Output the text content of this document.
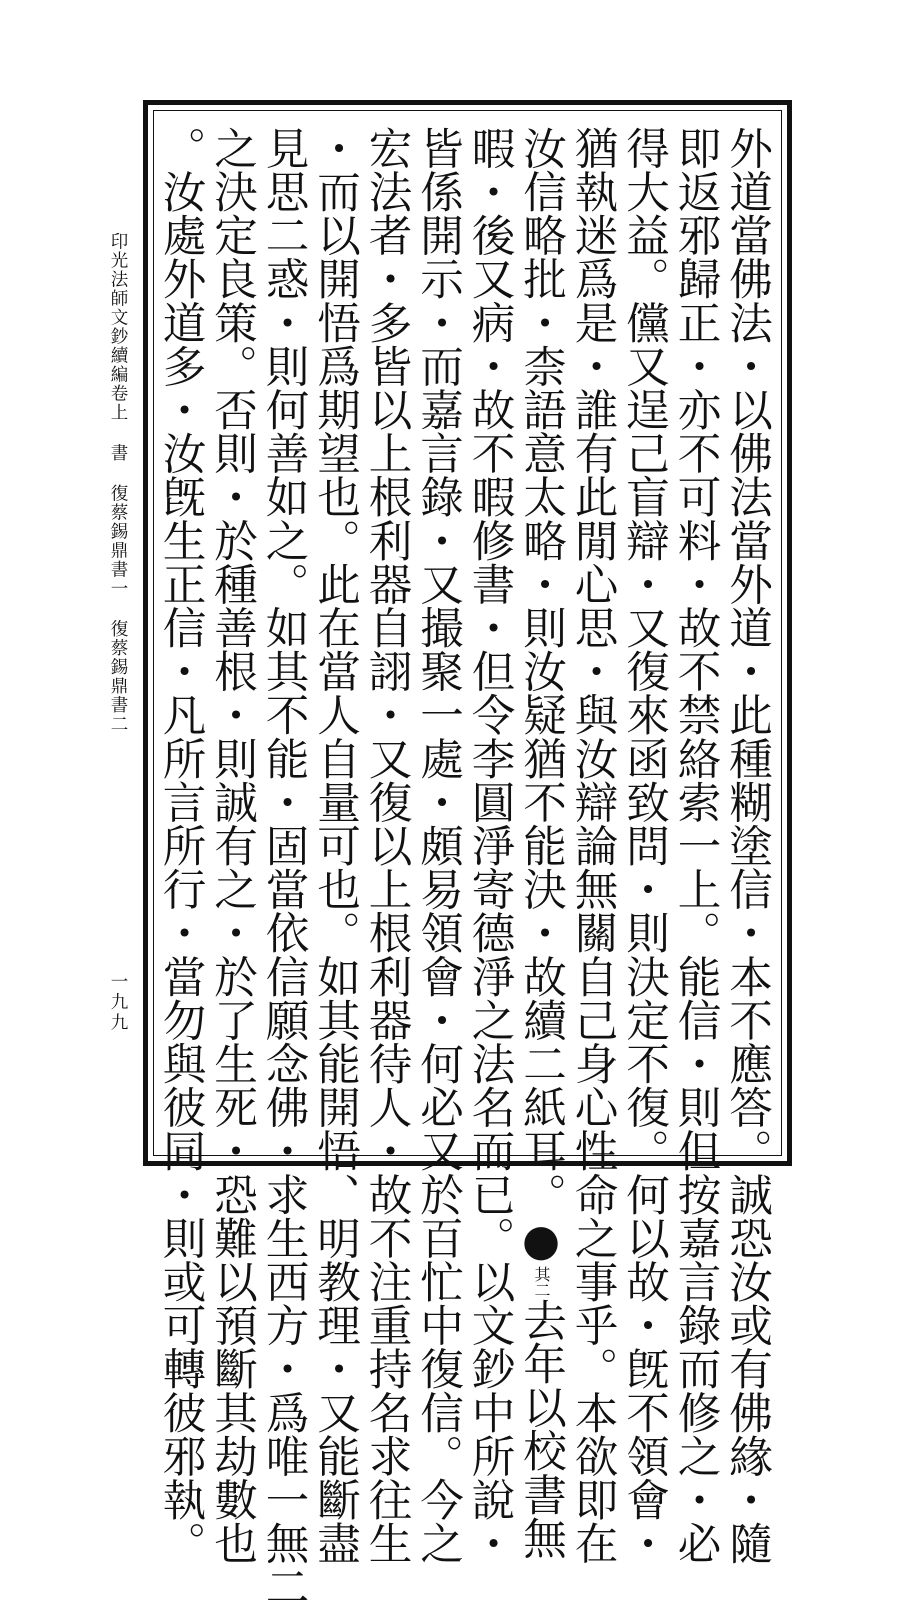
外道當佛法・以佛法當外道・此種糊塗信・本不應答。誠恐汝或有佛緣・隨
即返邪歸正・亦不可料・故不禁絡索一上。能信・則但按嘉言錄而修之・必
得大益。儻又逞己盲辯・又復來函致問・則決定不復。何以故・旣不領會・
猶執迷爲是・誰有此閒心思・與汝辯論無關自己身心性命之事乎。本欲即在
汝信略批・柰語意太略・則汝疑猶不能決・故續二紙耳。●其二去年以校書無
暇・後又病・故不暇修書・但令李圓淨寄德淨之法名而已。以文鈔中所說・
皆係開示・而嘉言錄・又撮聚一處・頗易領會・何必又於百忙中復信。今之
宏法者・多皆以上根利器自詡・又復以上根利器待人・故不注重持名求往生
・而以開悟爲期望也。此在當人自量可也。如其能開悟、明教理・又能斷盡
見思二惑・則何善如之。如其不能・固當依信願念佛・求生西方・爲唯一無二
之決定良策。否則・於種善根・則誠有之・於了生死・恐難以預斷其劫數也
。汝處外道多・汝旣生正信・凡所言所行・當勿與彼同・則或可轉彼邪執。
印光法師文鈔續編卷上 書 復蔡錫鼎書一 復蔡錫鼎書二
一九九
